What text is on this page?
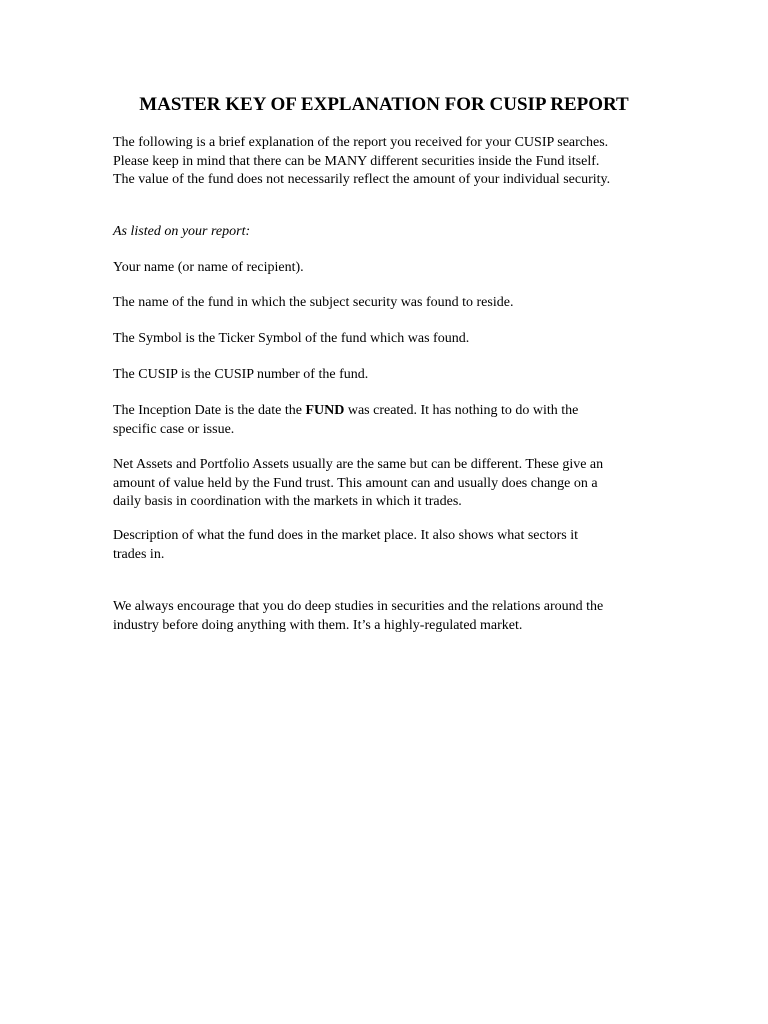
MASTER KEY OF EXPLANATION FOR CUSIP REPORT

The following is a brief explanation of the report you received for your CUSIP searches.
Please keep in mind that there can be MANY different securities inside the Fund itself.
The value of the fund does not necessarily reflect the amount of your individual security.

As listed on your report:

Your name (or name of recipient).

The name of the fund in which the subject security was found to reside.

The Symbol is the Ticker Symbol of the fund which was found.

The CUSIP is the CUSIP number of the fund.

The Inception Date is the date the FUND was created. It has nothing to do with the
specific case or issue.

Net Assets and Portfolio Assets usually are the same but can be different. These give an
amount of value held by the Fund trust. This amount can and usually does change on a
daily basis in coordination with the markets in which it trades.

Description of what the fund does in the market place. It also shows what sectors it
trades in.

We always encourage that you do deep studies in securities and the relations around the
industry before doing anything with them. It’s a highly-regulated market.
